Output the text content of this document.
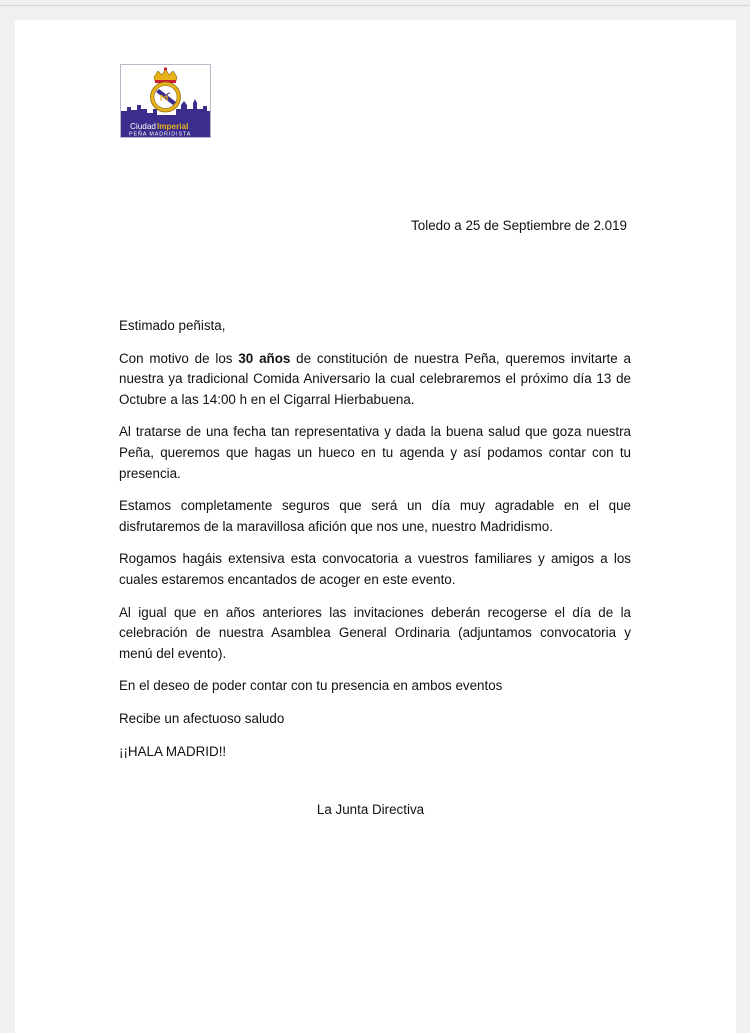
Ciudad Imperial
PEÑA MADRIDISTA
Toledo a 25 de Septiembre de 2.019

Estimado peñista,

Con motivo de los 30 años de constitución de nuestra Peña, queremos invitarte a nuestra ya tradicional Comida Aniversario la cual celebraremos el próximo día 13 de Octubre a las 14:00 h en el Cigarral Hierbabuena.

Al tratarse de una fecha tan representativa y dada la buena salud que goza nuestra Peña, queremos que hagas un hueco en tu agenda y así podamos contar con tu presencia.

Estamos completamente seguros que será un día muy agradable en el que disfrutaremos de la maravillosa afición que nos une, nuestro Madridismo.

Rogamos hagáis extensiva esta convocatoria a vuestros familiares y amigos a los cuales estaremos encantados de acoger en este evento.

Al igual que en años anteriores las invitaciones deberán recogerse el día de la celebración de nuestra Asamblea General Ordinaria (adjuntamos convocatoria y menú del evento).

En el deseo de poder contar con tu presencia en ambos eventos

Recibe un afectuoso saludo

¡¡HALA MADRID!!

La Junta Directiva
